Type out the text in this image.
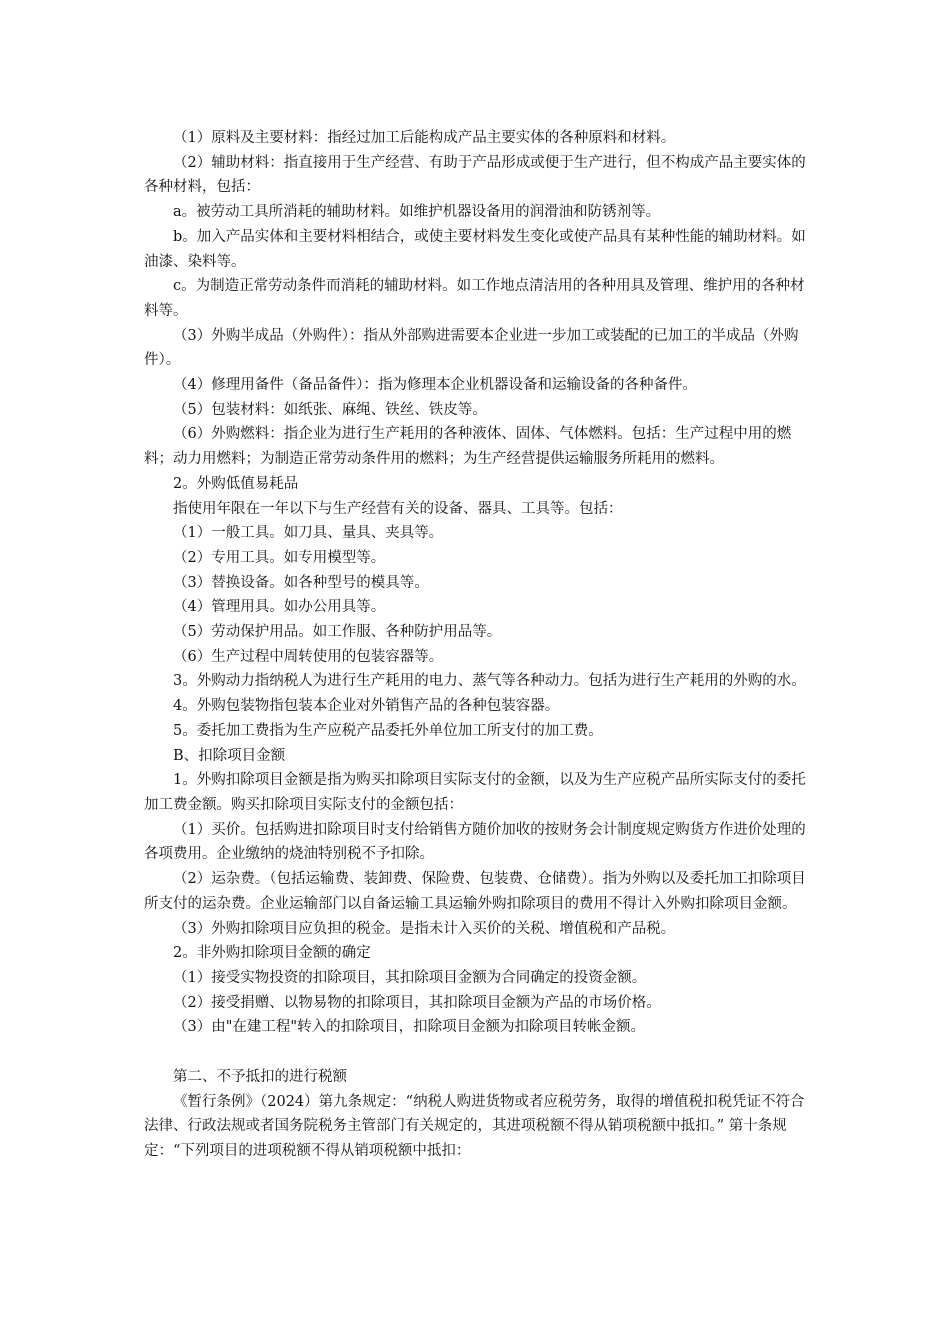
（1）原料及主要材料：指经过加工后能构成产品主要实体的各种原料和材料。

（2）辅助材料：指直接用于生产经营、有助于产品形成或便于生产进行，但不构成产品主要实体的各种材料，包括：

a。被劳动工具所消耗的辅助材料。如维护机器设备用的润滑油和防锈剂等。

b。加入产品实体和主要材料相结合，或使主要材料发生变化或使产品具有某种性能的辅助材料。如油漆、染料等。

c。为制造正常劳动条件而消耗的辅助材料。如工作地点清洁用的各种用具及管理、维护用的各种材料等。

（3）外购半成品（外购件）：指从外部购进需要本企业进一步加工或装配的已加工的半成品（外购件）。

（4）修理用备件（备品备件）：指为修理本企业机器设备和运输设备的各种备件。

（5）包装材料：如纸张、麻绳、铁丝、铁皮等。

（6）外购燃料：指企业为进行生产耗用的各种液体、固体、气体燃料。包括：生产过程中用的燃料；动力用燃料；为制造正常劳动条件用的燃料；为生产经营提供运输服务所耗用的燃料。

2。外购低值易耗品

指使用年限在一年以下与生产经营有关的设备、器具、工具等。包括：

（1）一般工具。如刀具、量具、夹具等。

（2）专用工具。如专用模型等。

（3）替换设备。如各种型号的模具等。

（4）管理用具。如办公用具等。

（5）劳动保护用品。如工作服、各种防护用品等。

（6）生产过程中周转使用的包装容器等。

3。外购动力指纳税人为进行生产耗用的电力、蒸气等各种动力。包括为进行生产耗用的外购的水。

4。外购包装物指包装本企业对外销售产品的各种包装容器。

5。委托加工费指为生产应税产品委托外单位加工所支付的加工费。

B、扣除项目金额

1。外购扣除项目金额是指为购买扣除项目实际支付的金额，以及为生产应税产品所实际支付的委托加工费金额。购买扣除项目实际支付的金额包括：

（1）买价。包括购进扣除项目时支付给销售方随价加收的按财务会计制度规定购货方作进价处理的各项费用。企业缴纳的烧油特别税不予扣除。

（2）运杂费。（包括运输费、装卸费、保险费、包装费、仓储费）。指为外购以及委托加工扣除项目所支付的运杂费。企业运输部门以自备运输工具运输外购扣除项目的费用不得计入外购扣除项目金额。

（3）外购扣除项目应负担的税金。是指未计入买价的关税、增值税和产品税。

2。非外购扣除项目金额的确定

（1）接受实物投资的扣除项目，其扣除项目金额为合同确定的投资金额。

（2）接受捐赠、以物易物的扣除项目，其扣除项目金额为产品的市场价格。

（3）由"在建工程"转入的扣除项目，扣除项目金额为扣除项目转帐金额。

第二、不予抵扣的进行税额

《暂行条例》（2024）第九条规定：“纳税人购进货物或者应税劳务，取得的增值税扣税凭证不符合法律、行政法规或者国务院税务主管部门有关规定的，其进项税额不得从销项税额中抵扣。” 第十条规定：“下列项目的进项税额不得从销项税额中抵扣：
